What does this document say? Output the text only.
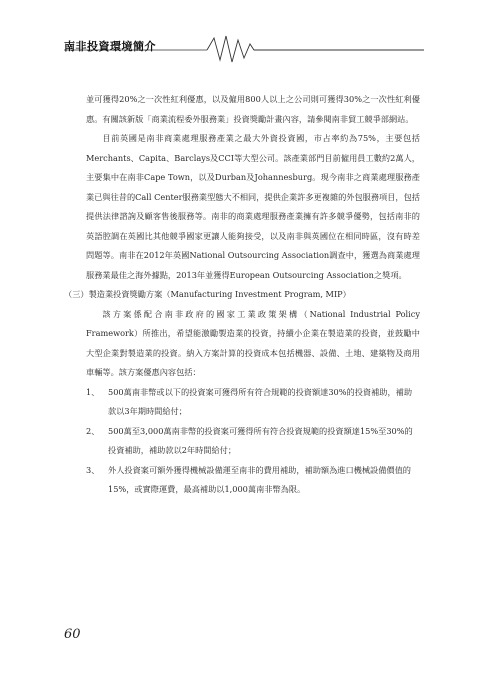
南非投資環境簡介

並可獲得20%之一次性紅利優惠，以及僱用800人以上之公司則可獲得30%之一次性紅利優惠。有關該新版「商業流程委外服務業」投資獎勵計畫內容，請參閱南非貿工競爭部網站。

目前英國是南非商業處理服務產業之最大外資投資國，市占率約為75%，主要包括Merchants、Capita、Barclays及CCI等大型公司。該產業部門目前僱用員工數約2萬人，主要集中在南非Cape Town，以及Durban及Johannesburg。現今南非之商業處理服務產業已與往昔的Call Center服務業型態大不相同，提供企業許多更複雜的外包服務項目，包括提供法律諮詢及顧客售後服務等。南非的商業處理服務產業擁有許多競爭優勢，包括南非的英語腔調在英國比其他競爭國家更讓人能夠接受，以及南非與英國位在相同時區，沒有時差問題等。南非在2012年英國National Outsourcing Association調查中，獲選為商業處理服務業最佳之海外據點，2013年並獲得European Outsourcing Association之獎項。

（三）製造業投資獎勵方案（Manufacturing Investment Program, MIP）

該方案係配合南非政府的國家工業政策架構（National Industrial Policy Framework）所推出，希望能激勵製造業的投資，持續小企業在製造業的投資，並鼓勵中大型企業對製造業的投資。納入方案計算的投資成本包括機器、設備、土地、建築物及商用車輛等。該方案優惠內容包括：

1、 500萬南非幣或以下的投資案可獲得所有符合規範的投資額達30%的投資補助，補助款以3年期時間給付；
2、 500萬至3,000萬南非幣的投資案可獲得所有符合投資規範的投資額達15%至30%的投資補助，補助款以2年時間給付；
3、 外人投資案可額外獲得機械設備運至南非的費用補助，補助額為進口機械設備價值的15%，或實際運費，最高補助以1,000萬南非幣為限。
60
